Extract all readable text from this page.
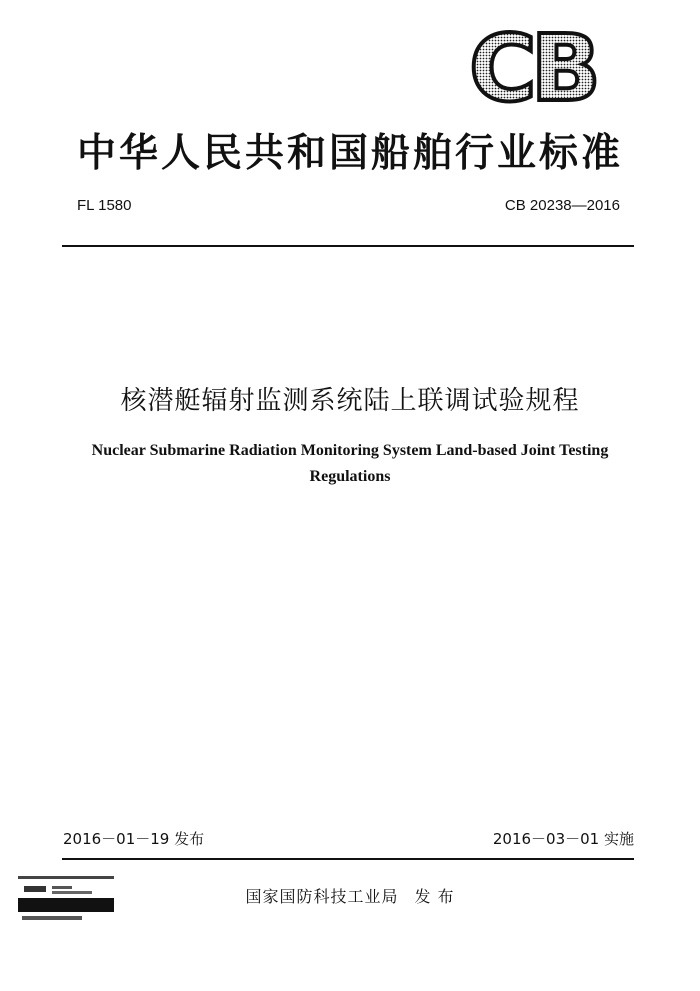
CB
中华人民共和国船舶行业标准
FL 1580	CB 20238—2016
核潜艇辐射监测系统陆上联调试验规程
Nuclear Submarine Radiation Monitoring System Land-based Joint Testing Regulations
2016－01－19 发布	2016－03－01 实施
国家国防科技工业局 发 布
